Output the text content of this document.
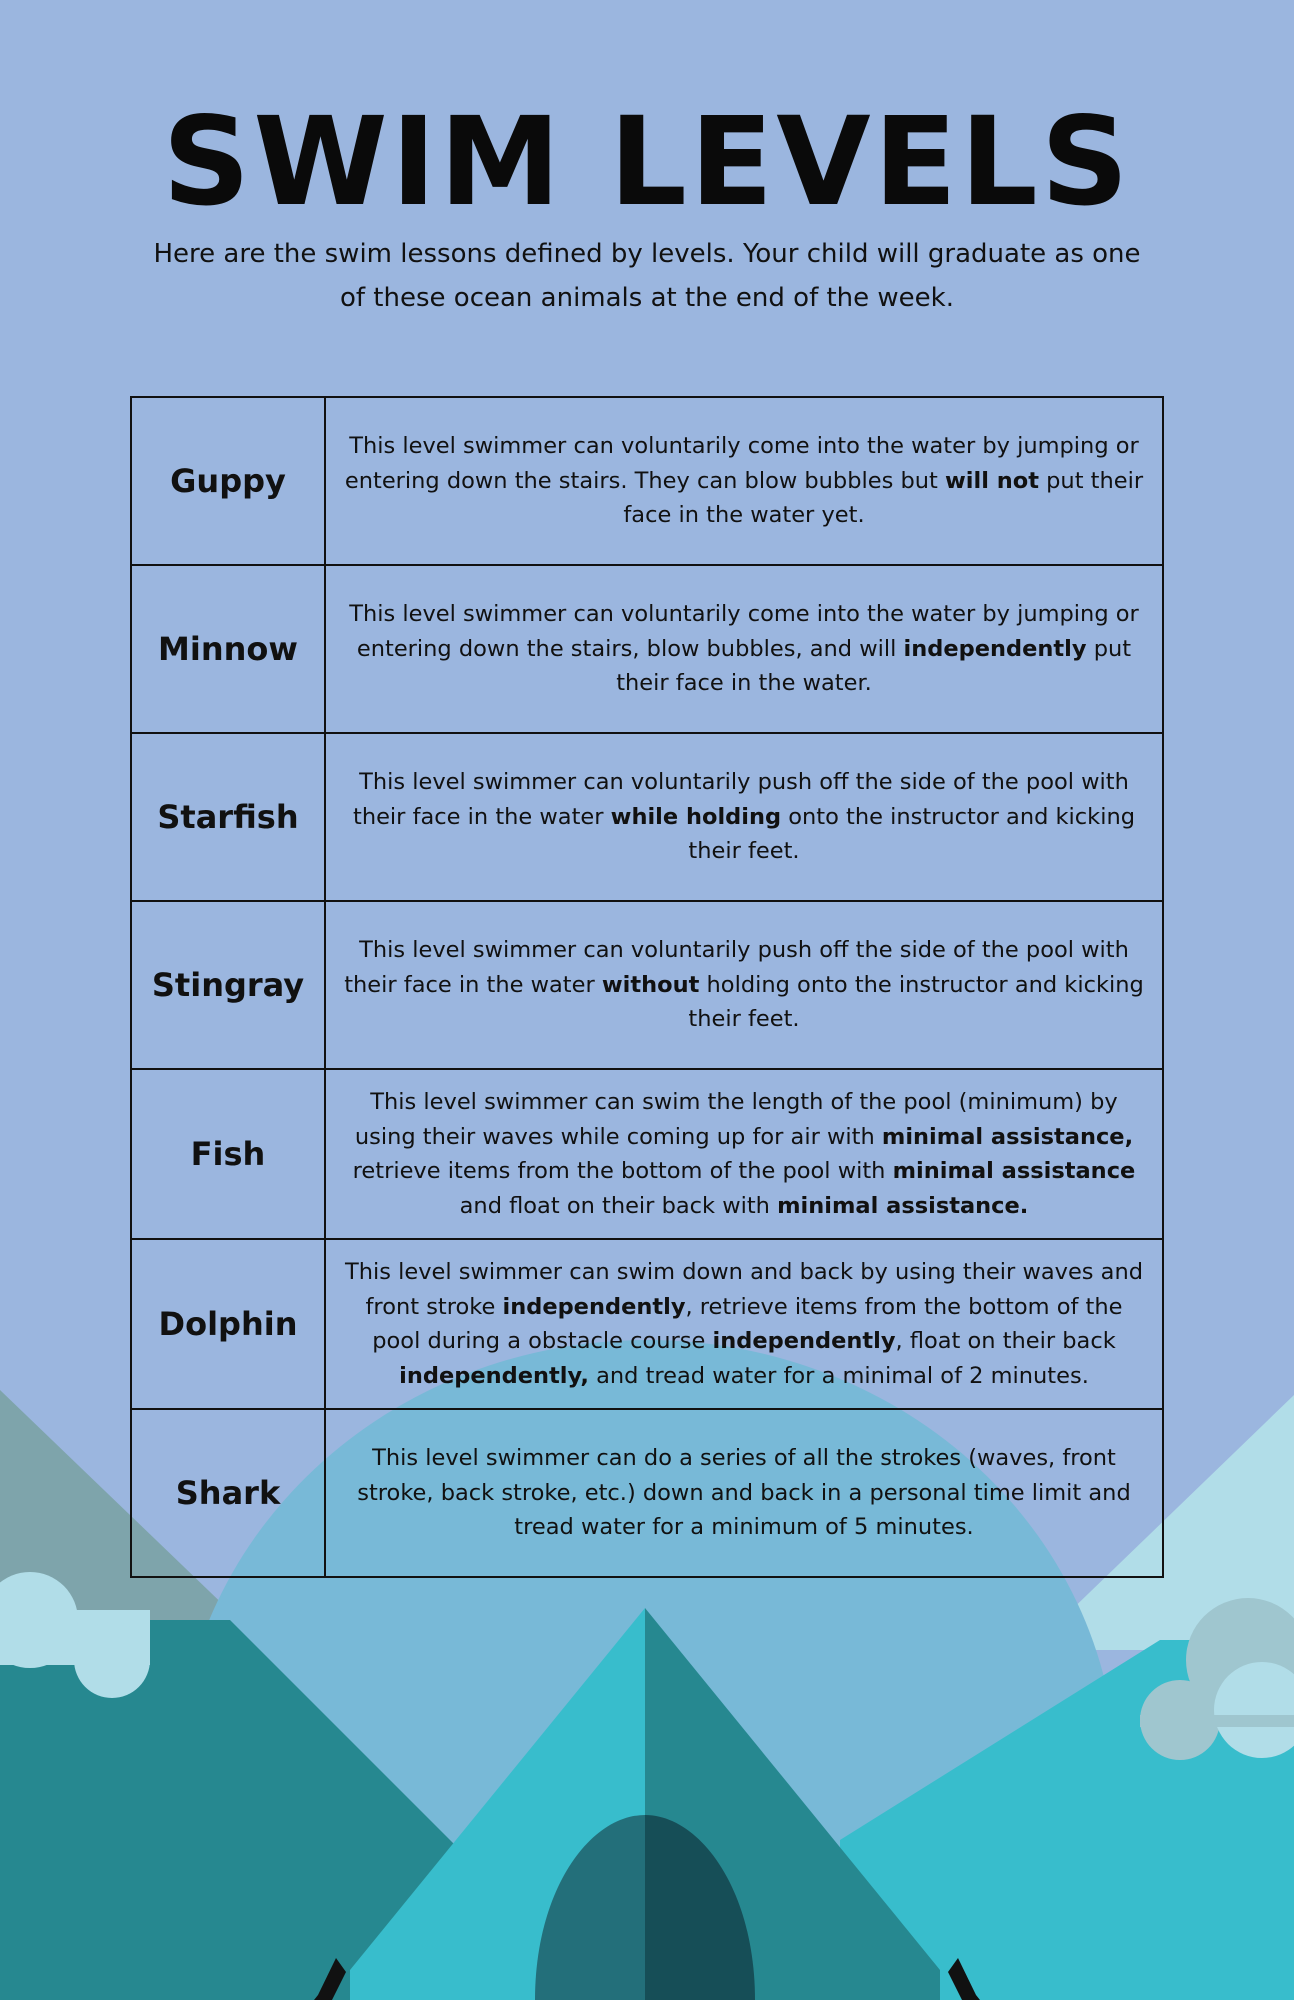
SWIM LEVELS

Here are the swim lessons defined by levels. Your child will graduate as one of these ocean animals at the end of the week.

Guppy	This level swimmer can voluntarily come into the water by jumping or entering down the stairs. They can blow bubbles but will not put their face in the water yet.
Minnow	This level swimmer can voluntarily come into the water by jumping or entering down the stairs, blow bubbles, and will independently put their face in the water.
Starfish	This level swimmer can voluntarily push off the side of the pool with their face in the water while holding onto the instructor and kicking their feet.
Stingray	This level swimmer can voluntarily push off the side of the pool with their face in the water without holding onto the instructor and kicking their feet.
Fish	This level swimmer can swim the length of the pool (minimum) by using their waves while coming up for air with minimal assistance, retrieve items from the bottom of the pool with minimal assistance and float on their back with minimal assistance.
Dolphin	This level swimmer can swim down and back by using their waves and front stroke independently, retrieve items from the bottom of the pool during a obstacle course independently, float on their back independently, and tread water for a minimal of 2 minutes.
Shark	This level swimmer can do a series of all the strokes (waves, front stroke, back stroke, etc.) down and back in a personal time limit and tread water for a minimum of 5 minutes.
